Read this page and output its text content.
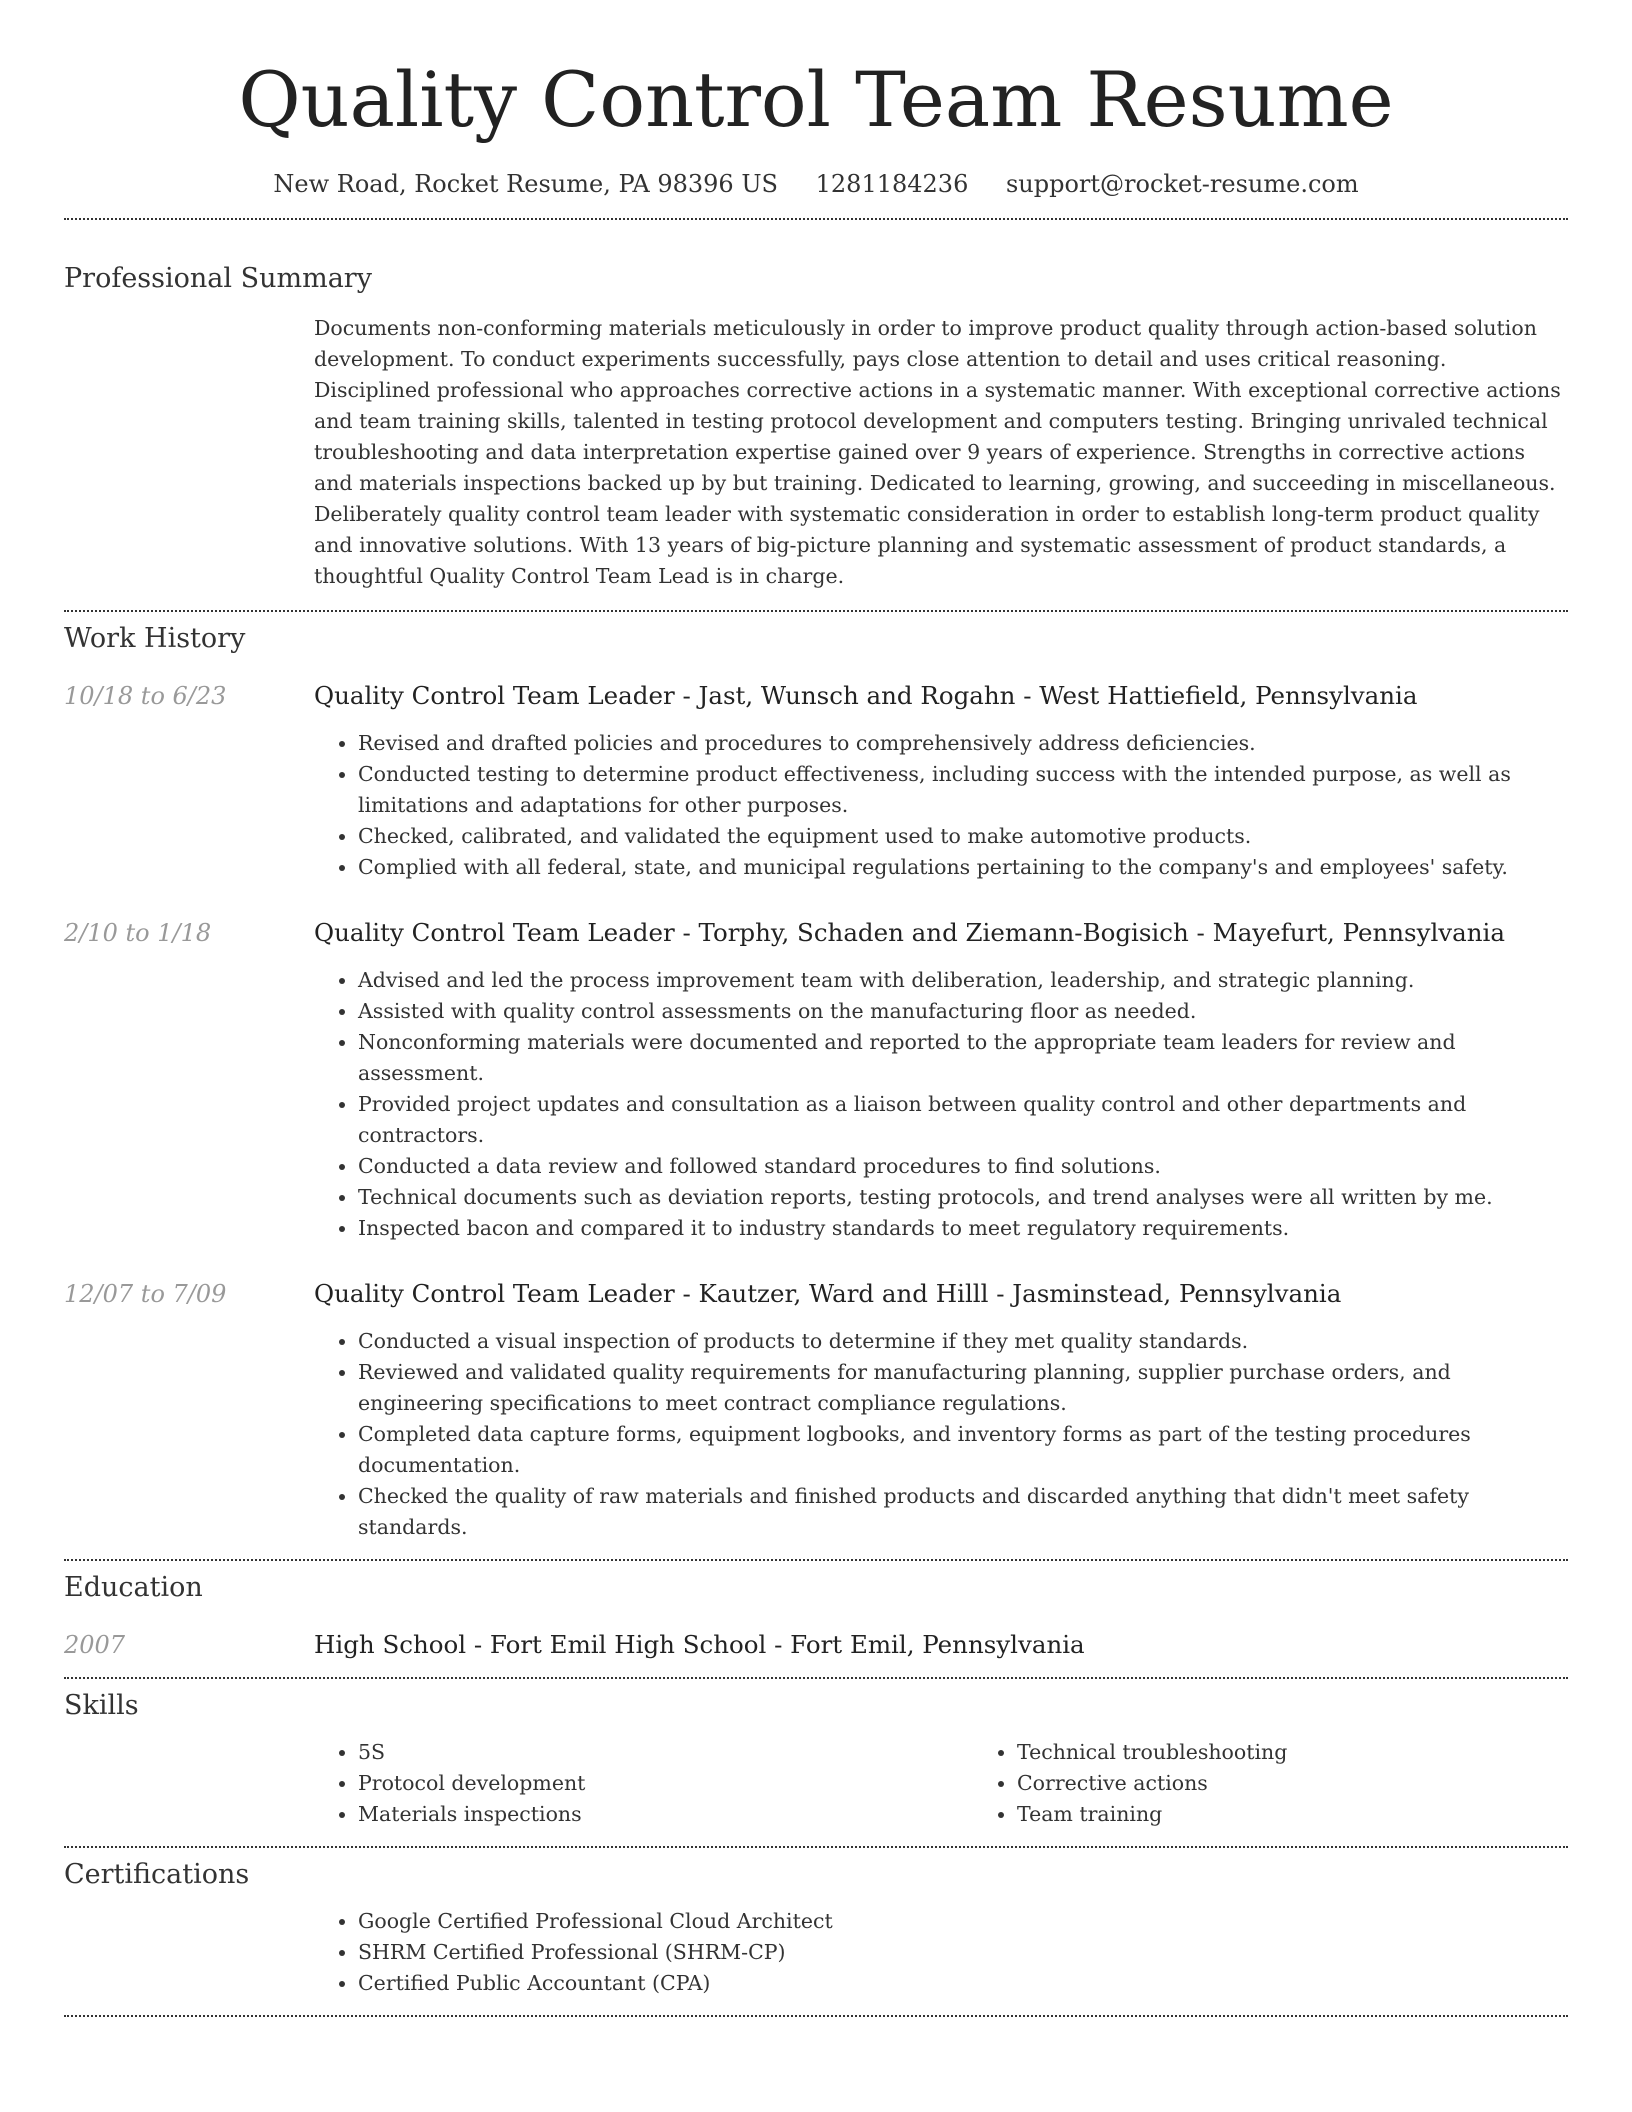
Quality Control Team Resume
New Road, Rocket Resume, PA 98396 US 1281184236 support@rocket-resume.com
Professional Summary

Documents non-conforming materials meticulously in order to improve product quality through action-based solution development. To conduct experiments successfully, pays close attention to detail and uses critical reasoning. Disciplined professional who approaches corrective actions in a systematic manner. With exceptional corrective actions and team training skills, talented in testing protocol development and computers testing. Bringing unrivaled technical troubleshooting and data interpretation expertise gained over 9 years of experience. Strengths in corrective actions and materials inspections backed up by but training. Dedicated to learning, growing, and succeeding in miscellaneous. Deliberately quality control team leader with systematic consideration in order to establish long-term product quality and innovative solutions. With 13 years of big-picture planning and systematic assessment of product standards, a thoughtful Quality Control Team Lead is in charge.

Work History
10/18 to 6/23	Quality Control Team Leader - Jast, Wunsch and Rogahn - West Hattiefield, Pennsylvania
• Revised and drafted policies and procedures to comprehensively address deficiencies.
• Conducted testing to determine product effectiveness, including success with the intended purpose, as well as limitations and adaptations for other purposes.
• Checked, calibrated, and validated the equipment used to make automotive products.
• Complied with all federal, state, and municipal regulations pertaining to the company's and employees' safety.
2/10 to 1/18	Quality Control Team Leader - Torphy, Schaden and Ziemann-Bogisich - Mayefurt, Pennsylvania
• Advised and led the process improvement team with deliberation, leadership, and strategic planning.
• Assisted with quality control assessments on the manufacturing floor as needed.
• Nonconforming materials were documented and reported to the appropriate team leaders for review and assessment.
• Provided project updates and consultation as a liaison between quality control and other departments and contractors.
• Conducted a data review and followed standard procedures to find solutions.
• Technical documents such as deviation reports, testing protocols, and trend analyses were all written by me.
• Inspected bacon and compared it to industry standards to meet regulatory requirements.
12/07 to 7/09	Quality Control Team Leader - Kautzer, Ward and Hilll - Jasminstead, Pennsylvania
• Conducted a visual inspection of products to determine if they met quality standards.
• Reviewed and validated quality requirements for manufacturing planning, supplier purchase orders, and engineering specifications to meet contract compliance regulations.
• Completed data capture forms, equipment logbooks, and inventory forms as part of the testing procedures documentation.
• Checked the quality of raw materials and finished products and discarded anything that didn't meet safety standards.
Education
2007	High School - Fort Emil High School - Fort Emil, Pennsylvania
Skills
• 5S
• Protocol development
• Materials inspections
• Technical troubleshooting
• Corrective actions
• Team training
Certifications
• Google Certified Professional Cloud Architect
• SHRM Certified Professional (SHRM-CP)
• Certified Public Accountant (CPA)
